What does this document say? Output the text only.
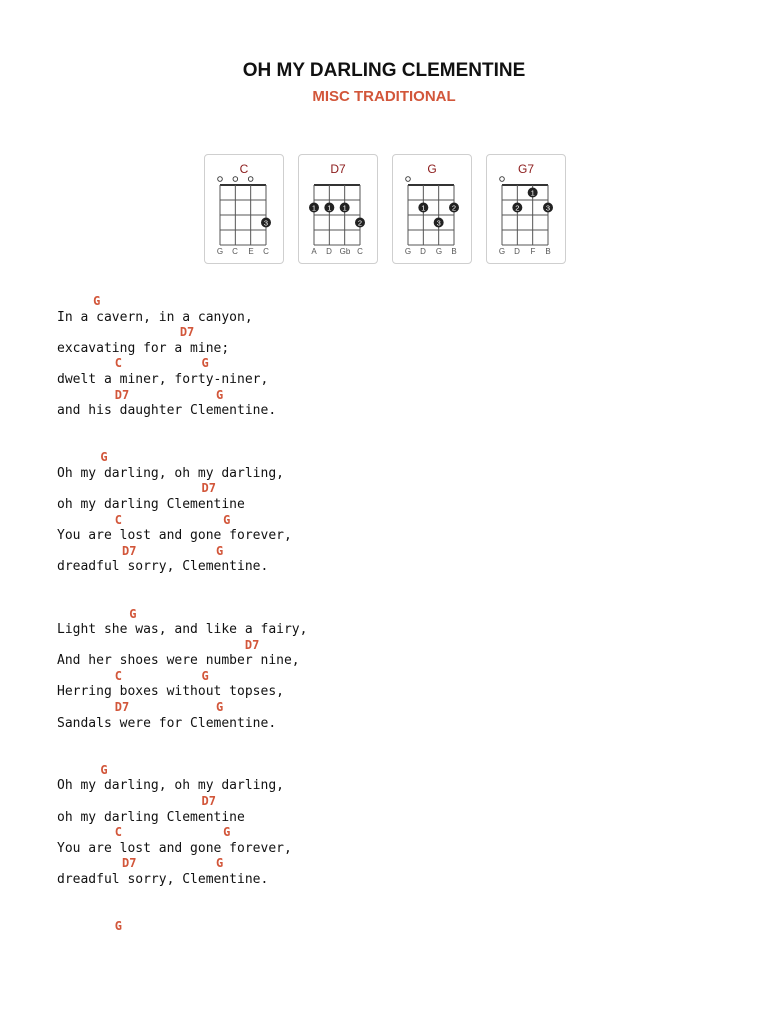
OH MY DARLING CLEMENTINE
MISC TRADITIONAL
C
3
G	C	E	C
D7
1 1 1
2
A	D Gb C
G
1	2
3
G	D	G	B
G7
1
2	3
G	D	F	B
G
In a cavern, in a canyon,
D7
excavating for a mine;
C           G
dwelt a miner, forty-niner,
D7            G
and his daughter Clementine.
G
Oh my darling, oh my darling,
D7
oh my darling Clementine
C              G
You are lost and gone forever,
D7           G
dreadful sorry, Clementine.
G
Light she was, and like a fairy,
D7
And her shoes were number nine,
C           G
Herring boxes without topses,
D7            G
Sandals were for Clementine.
G
Oh my darling, oh my darling,
D7
oh my darling Clementine
C              G
You are lost and gone forever,
D7           G
dreadful sorry, Clementine.
G
